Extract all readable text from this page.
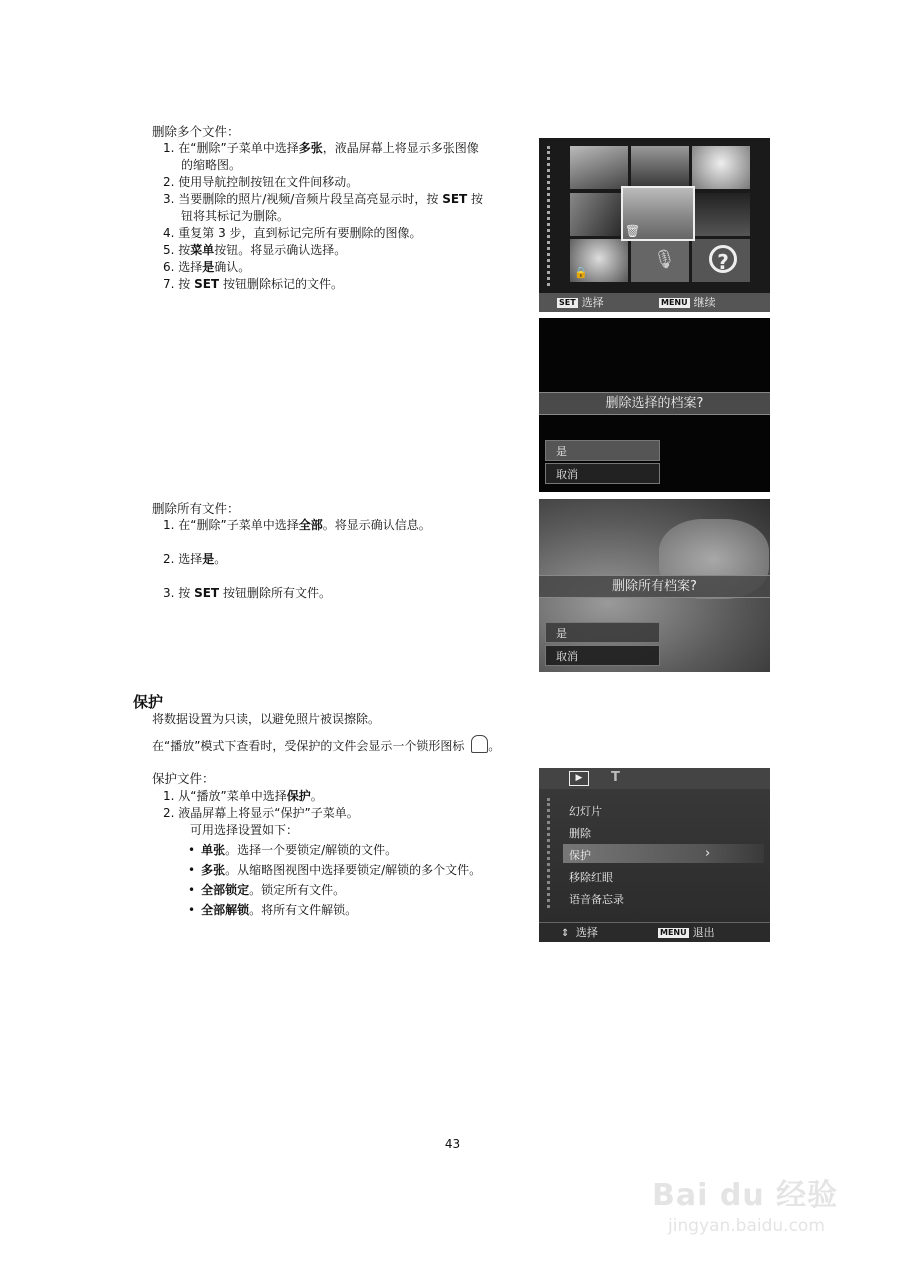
删除多个文件：
1. 在“删除”子菜单中选择多张，液晶屏幕上将显示多张图像
的缩略图。
2. 使用导航控制按钮在文件间移动。
3. 当要删除的照片/视频/音频片段呈高亮显示时，按 SET 按
钮将其标记为删除。
4. 重复第 3 步，直到标记完所有要删除的图像。
5. 按菜单按钮。将显示确认选择。
6. 选择是确认。
7. 按 SET 按钮删除标记的文件。
🎙	?
🗑
🔒
SET 选择	MENU 继续
删除选择的档案?
是
取消
删除所有文件：
1. 在“删除”子菜单中选择全部。将显示确认信息。
2. 选择是。
3. 按 SET 按钮删除所有文件。	删除所有档案?
是
取消
保护
将数据设置为只读，以避免照片被误擦除。
在“播放”模式下查看时，受保护的文件会显示一个锁形图标 。
保护文件：
1. 从“播放”菜单中选择保护。
2. 液晶屏幕上将显示“保护”子菜单。
可用选择设置如下：
• 单张。选择一个要锁定/解锁的文件。
• 多张。从缩略图视图中选择要锁定/解锁的多个文件。
• 全部锁定。锁定所有文件。
• 全部解锁。将所有文件解锁。
▶	T
幻灯片
删除
›
保护
移除红眼
语音备忘录
⇕ 选择	MENU 退出
43
Bai du 经验
jingyan.baidu.com
